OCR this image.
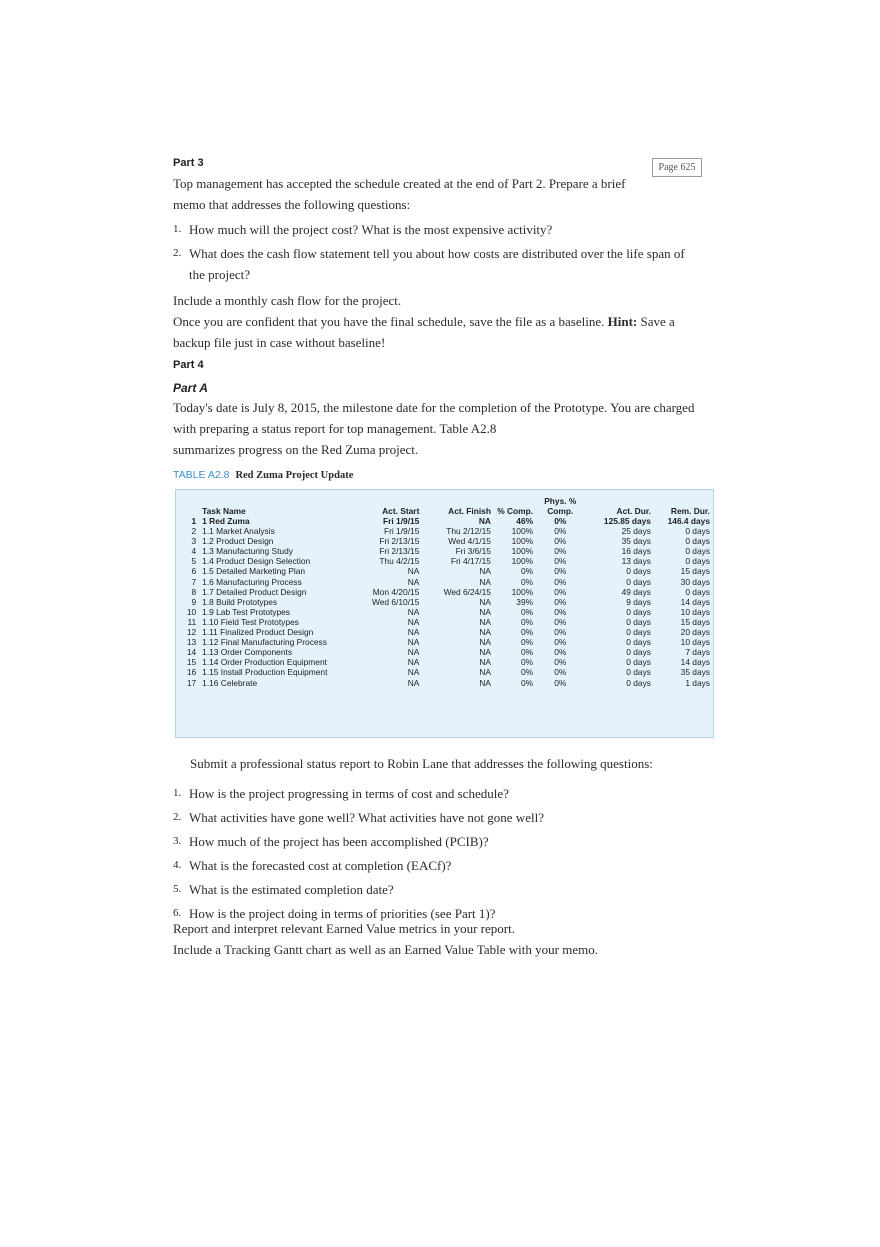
Page 625
Part 3
Top management has accepted the schedule created at the end of Part 2. Prepare a brief memo that addresses the following questions:
1. How much will the project cost? What is the most expensive activity?
2. What does the cash flow statement tell you about how costs are distributed over the life span of the project?
Include a monthly cash flow for the project.
Once you are confident that you have the final schedule, save the file as a baseline. Hint: Save a backup file just in case without baseline!
Part 4
Part A
Today's date is July 8, 2015, the milestone date for the completion of the Prototype. You are charged with preparing a status report for top management. Table A2.8
summarizes progress on the Red Zuma project.
TABLE A2.8 Red Zuma Project Update
	Task Name	Act. Start	Act. Finish	% Comp.	Phys. % Comp.	Act. Dur.	Rem. Dur.
1	1 Red Zuma	Fri 1/9/15	NA	46%	0%	125.85 days	146.4 days
2	1.1 Market Analysis	Fri 1/9/15	Thu 2/12/15	100%	0%	25 days	0 days
3	1.2 Product Design	Fri 2/13/15	Wed 4/1/15	100%	0%	35 days	0 days
4	1.3 Manufacturing Study	Fri 2/13/15	Fri 3/6/15	100%	0%	16 days	0 days
5	1.4 Product Design Selection	Thu 4/2/15	Fri 4/17/15	100%	0%	13 days	0 days
6	1.5 Detailed Marketing Plan	NA	NA	0%	0%	0 days	15 days
7	1.6 Manufacturing Process	NA	NA	0%	0%	0 days	30 days
8	1.7 Detailed Product Design	Mon 4/20/15	Wed 6/24/15	100%	0%	49 days	0 days
9	1.8 Build Prototypes	Wed 6/10/15	NA	39%	0%	9 days	14 days
10	1.9 Lab Test Prototypes	NA	NA	0%	0%	0 days	10 days
11	1.10 Field Test Prototypes	NA	NA	0%	0%	0 days	15 days
12	1.11 Finalized Product Design	NA	NA	0%	0%	0 days	20 days
13	1.12 Final Manufacturing Process	NA	NA	0%	0%	0 days	10 days
14	1.13 Order Components	NA	NA	0%	0%	0 days	7 days
15	1.14 Order Production Equipment	NA	NA	0%	0%	0 days	14 days
16	1.15 Install Production Equipment	NA	NA	0%	0%	0 days	35 days
17	1.16 Celebrate	NA	NA	0%	0%	0 days	1 days
Submit a professional status report to Robin Lane that addresses the following questions:
1. How is the project progressing in terms of cost and schedule?
2. What activities have gone well? What activities have not gone well?
3. How much of the project has been accomplished (PCIB)?
4. What is the forecasted cost at completion (EACf)?
5. What is the estimated completion date?
6. How is the project doing in terms of priorities (see Part 1)?
Report and interpret relevant Earned Value metrics in your report.
Include a Tracking Gantt chart as well as an Earned Value Table with your memo.
